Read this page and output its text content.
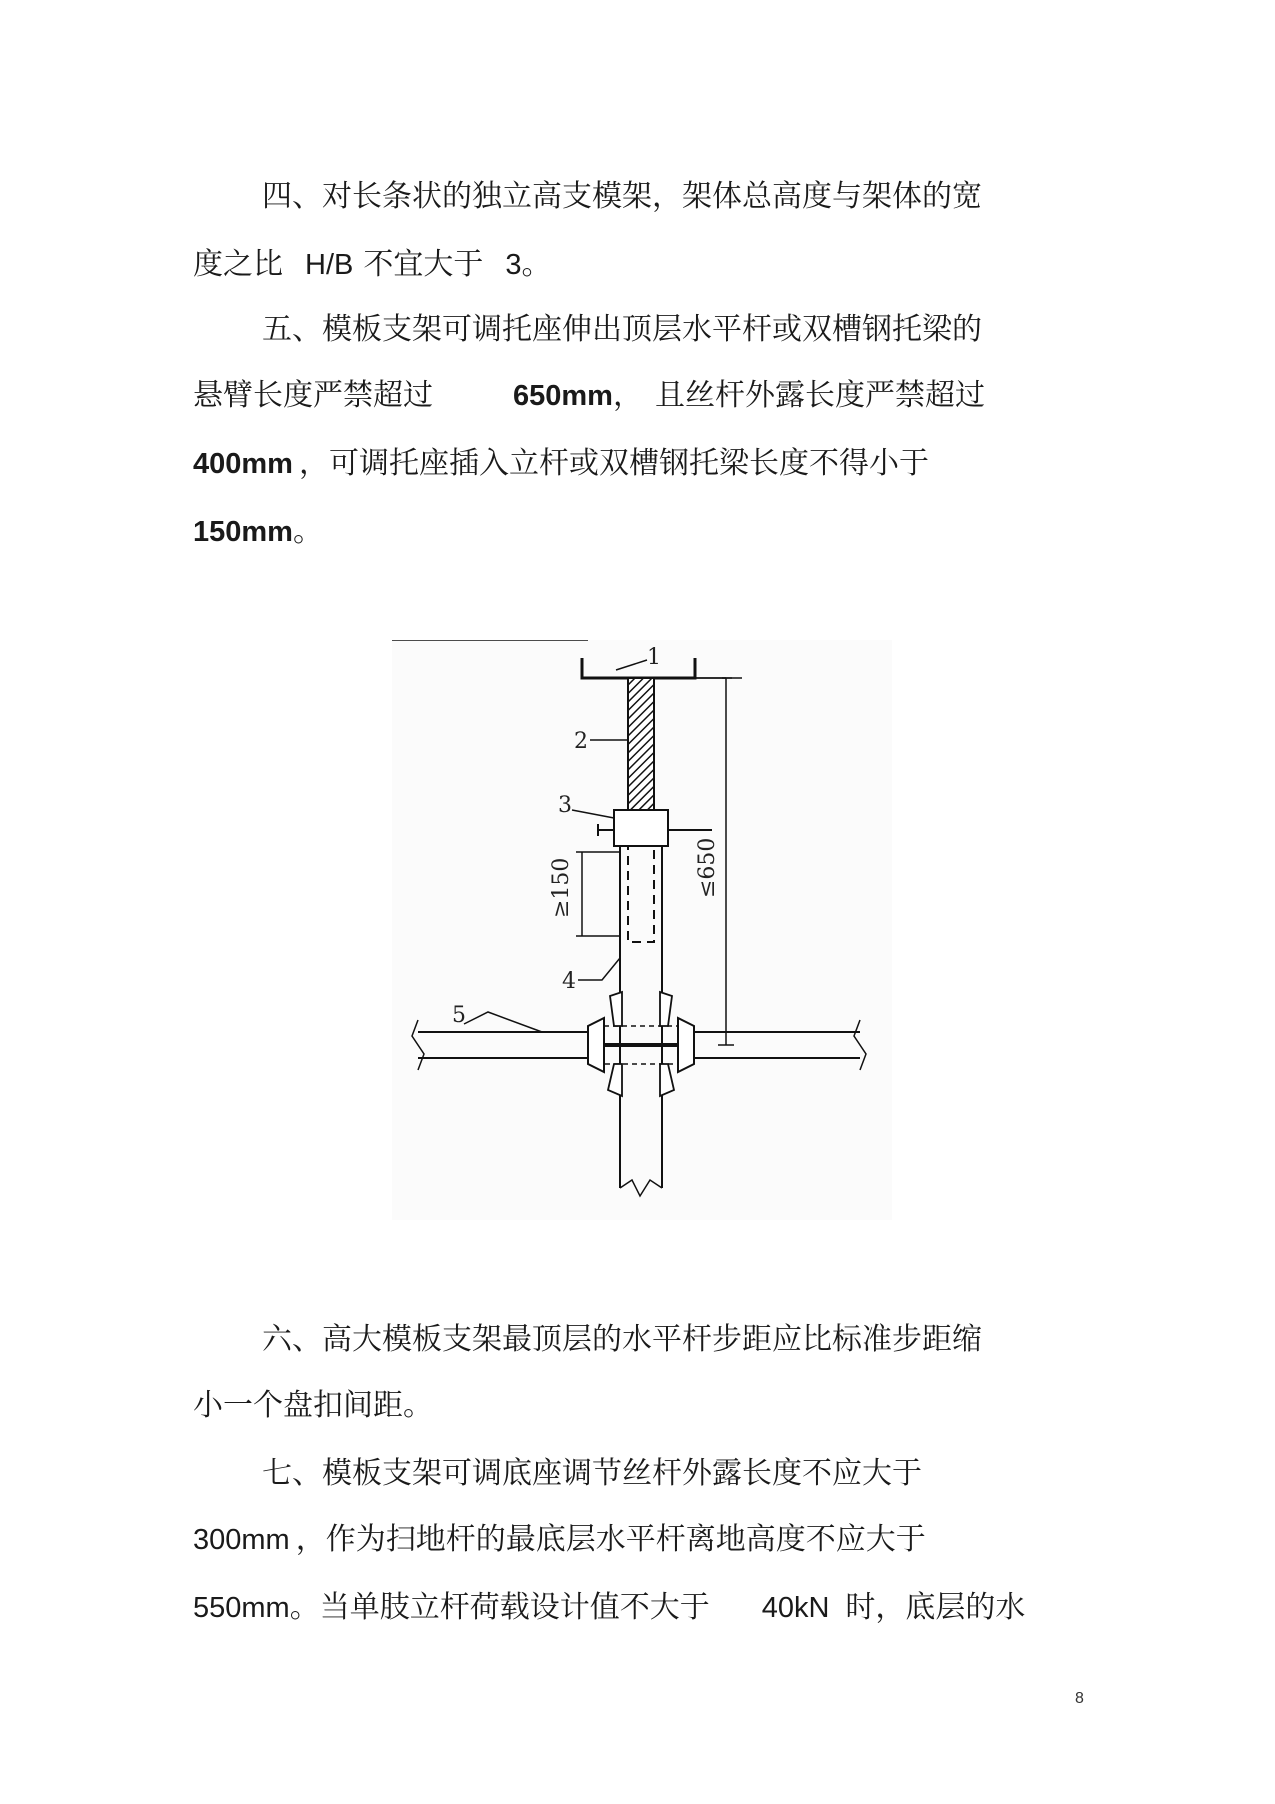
四、对长条状的独立高支模架，架体总高度与架体的宽
度之比 H/B 不宜大于 3。
五、模板支架可调托座伸出顶层水平杆或双槽钢托梁的
悬臂长度严禁超过	650mm， 且丝杆外露长度严禁超过
400mm ，可调托座插入立杆或双槽钢托梁长度不得小于
150mm。
1
2
3
4
≥150
5
≤650
六、高大模板支架最顶层的水平杆步距应比标准步距缩
小一个盘扣间距。
七、模板支架可调底座调节丝杆外露长度不应大于
300mm ，作为扫地杆的最底层水平杆离地高度不应大于
550mm。当单肢立杆荷载设计值不大于 40kN 时，底层的水
8
